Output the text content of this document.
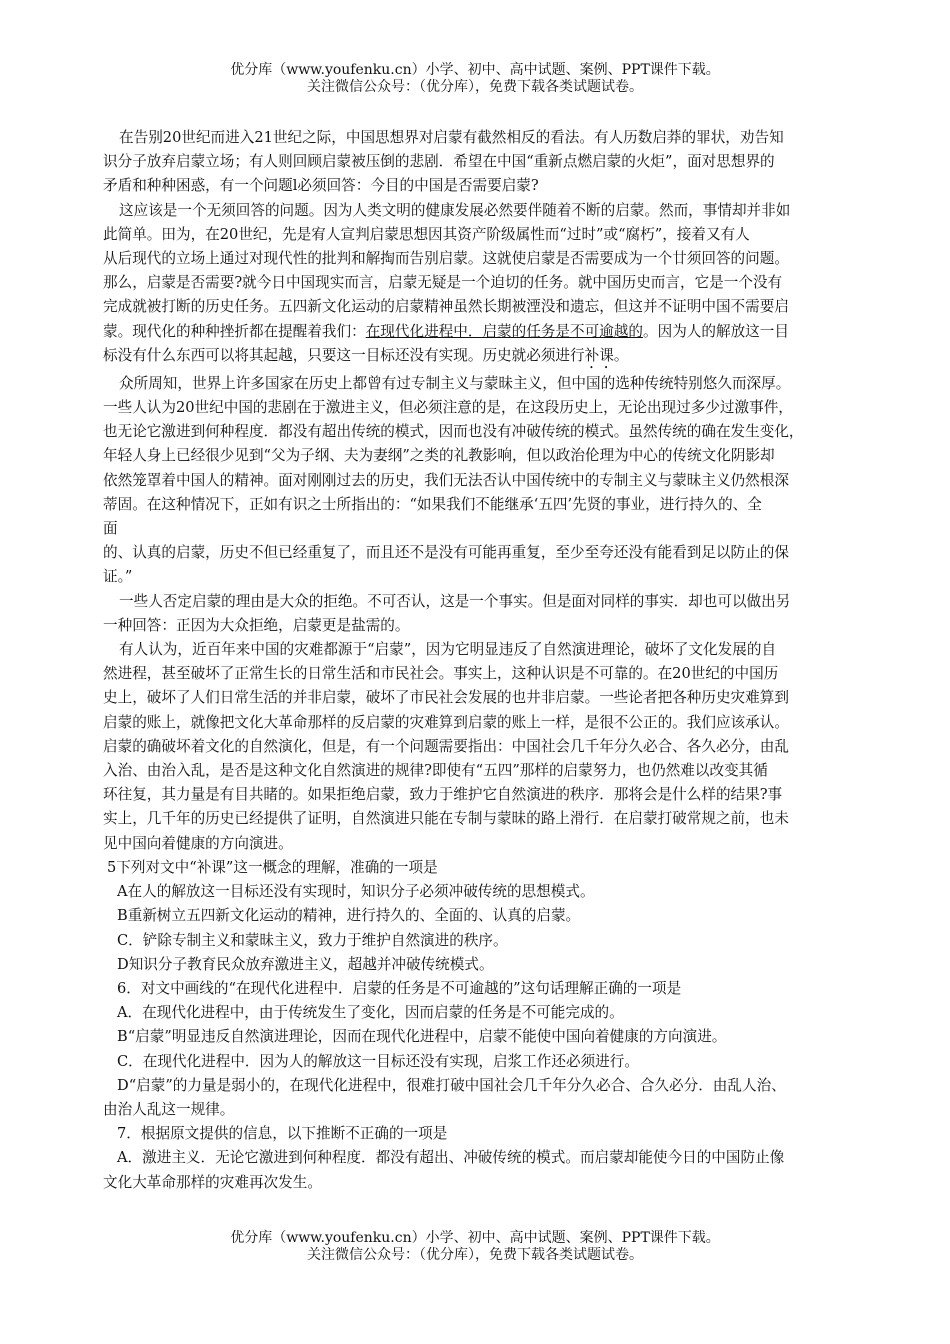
优分库（www.youfenku.cn）小学、初中、高中试题、案例、PPT课件下载。
关注微信公众号：（优分库），免费下载各类试题试卷。
在告别20世纪而进入21世纪之际，中国思想界对启蒙有截然相反的看法。有人历数启莽的罪状，劝告知
识分子放弃启蒙立场；有人则回顾启蒙被压倒的悲剧．希望在中国“重新点燃启蒙的火炬”，面对思想界的
矛盾和种种困惑，有一个问题l必须回答：今目的中国是否需要启蒙?
这应该是一个无须回答的问题。因为人类文明的健康发展必然要伴随着不断的启蒙。然而，事情却并非如
此简单。田为，在20世纪，先是宥人宣判启蒙思想因其资产阶级属性而“过时”或“腐朽”，接着又有人
从后现代的立场上通过对现代性的批判和解掏而告别启蒙。这就使启蒙是否需要成为一个廿须回答的问题。
那么，启蒙是否需要?就今日中国现实而言，启蒙无疑是一个迫切的任务。就中国历史而言，它是一个没有
完成就被打断的历史任务。五四新文化运动的启蒙精神虽然长期被湮没和遗忘，但这并不证明中国不需要启
蒙。现代化的种种挫折都在提醒着我们：在现代化进程中．启蒙的任务是不可逾越的。因为人的解放这一目
标没有什么东西可以将其起越，只要这一目标还没有实现。历史就必须进行补课。
众所周知，世界上许多国家在历史上都曾有过专制主义与蒙昧主义，但中国的选种传统特别悠久而深厚。
一些人认为20世纪中国的悲剧在于激进主义，但必须注意的是，在这段历史上，无论出现过多少过激事件，
也无论它激进到何种程度．都没有超出传统的模式，因而也没有冲破传统的模式。虽然传统的确在发生变化，
年轻人身上已经很少见到“父为子纲、夫为妻纲”之类的礼教影响，但以政治伦理为中心的传统文化阴影却
依然笼罩着中国人的精神。面对刚刚过去的历史，我们无法否认中国传统中的专制主义与蒙昧主义仍然根深
蒂固。在这种情况下，正如有识之士所指出的：“如果我们不能继承‘五四’先贤的事业，进行持久的、全
面
的、认真的启蒙，历史不但已经重复了，而且还不是没有可能再重复，至少至夸还没有能看到足以防止的保
证。”
一些人否定启蒙的理由是大众的拒绝。不可否认，这是一个事实。但是面对同样的事实．却也可以做出另
一种回答：正因为大众拒绝，启蒙更是盐需的。
有人认为，近百年来中国的灾难都源于“启蒙”，因为它明显违反了自然演进理论，破坏了文化发展的自
然进程，甚至破坏了正常生长的日常生活和市民社会。事实上，这种认识是不可靠的。在20世纪的中国历
史上，破坏了人们日常生活的并非启蒙，破坏了市民社会发展的也井非启蒙。一些论者把各种历史灾难算到
启蒙的账上，就像把文化大革命那样的反启蒙的灾难算到启蒙的账上一样，是很不公正的。我们应该承认。
启蒙的确破坏着文化的自然演化，但是，有一个问题需要指出：中国社会几千年分久必合、各久必分，由乱
入治、由治入乱，是否是这种文化自然演进的规律?即使有“五四”那样的启蒙努力，也仍然难以改变其循
环往复，其力量是有目共睹的。如果拒绝启蒙，致力于维护它自然演进的秩序．那将会是什么样的结果?事
实上，几千年的历史已经提供了证明，自然演进只能在专制与蒙昧的路上滑行．在启蒙打破常规之前，也未
见中国向着健康的方向演进。
5下列对文中“补课”这一概念的理解，准确的一项是
A在人的解放这一目标还没有实现时，知识分子必须冲破传统的思想模式。
B重新树立五四新文化运动的精神，进行持久的、全面的、认真的启蒙。
C．铲除专制主义和蒙昧主义，致力于维护自然演进的秩序。
D知识分子教育民众放弃激进主义，超越并冲破传统模式。
6．对文中画线的“在现代化进程中．启蒙的任务是不可逾越的”这句话理解正确的一项是
A．在现代化进程中，由于传统发生了变化，因而启蒙的任务是不可能完成的。
B“启蒙”明显违反自然演进理论，因而在现代化进程中，启蒙不能使中国向着健康的方向演进。
C．在现代化进程中．因为人的解放这一目标还没有实现，启浆工作还必须进行。
D“启蒙”的力量是弱小的，在现代化进程中，很难打破中国社会几千年分久必合、合久必分．由乱人治、
由治人乱这一规律。
7．根据原文提供的信息，以下推断不正确的一项是
A．激进主义．无论它激进到何种程度．都没有超出、冲破传统的模式。而启蒙却能使今日的中国防止像
文化大革命那样的灾难再次发生。
优分库（www.youfenku.cn）小学、初中、高中试题、案例、PPT课件下载。
关注微信公众号：（优分库），免费下载各类试题试卷。
